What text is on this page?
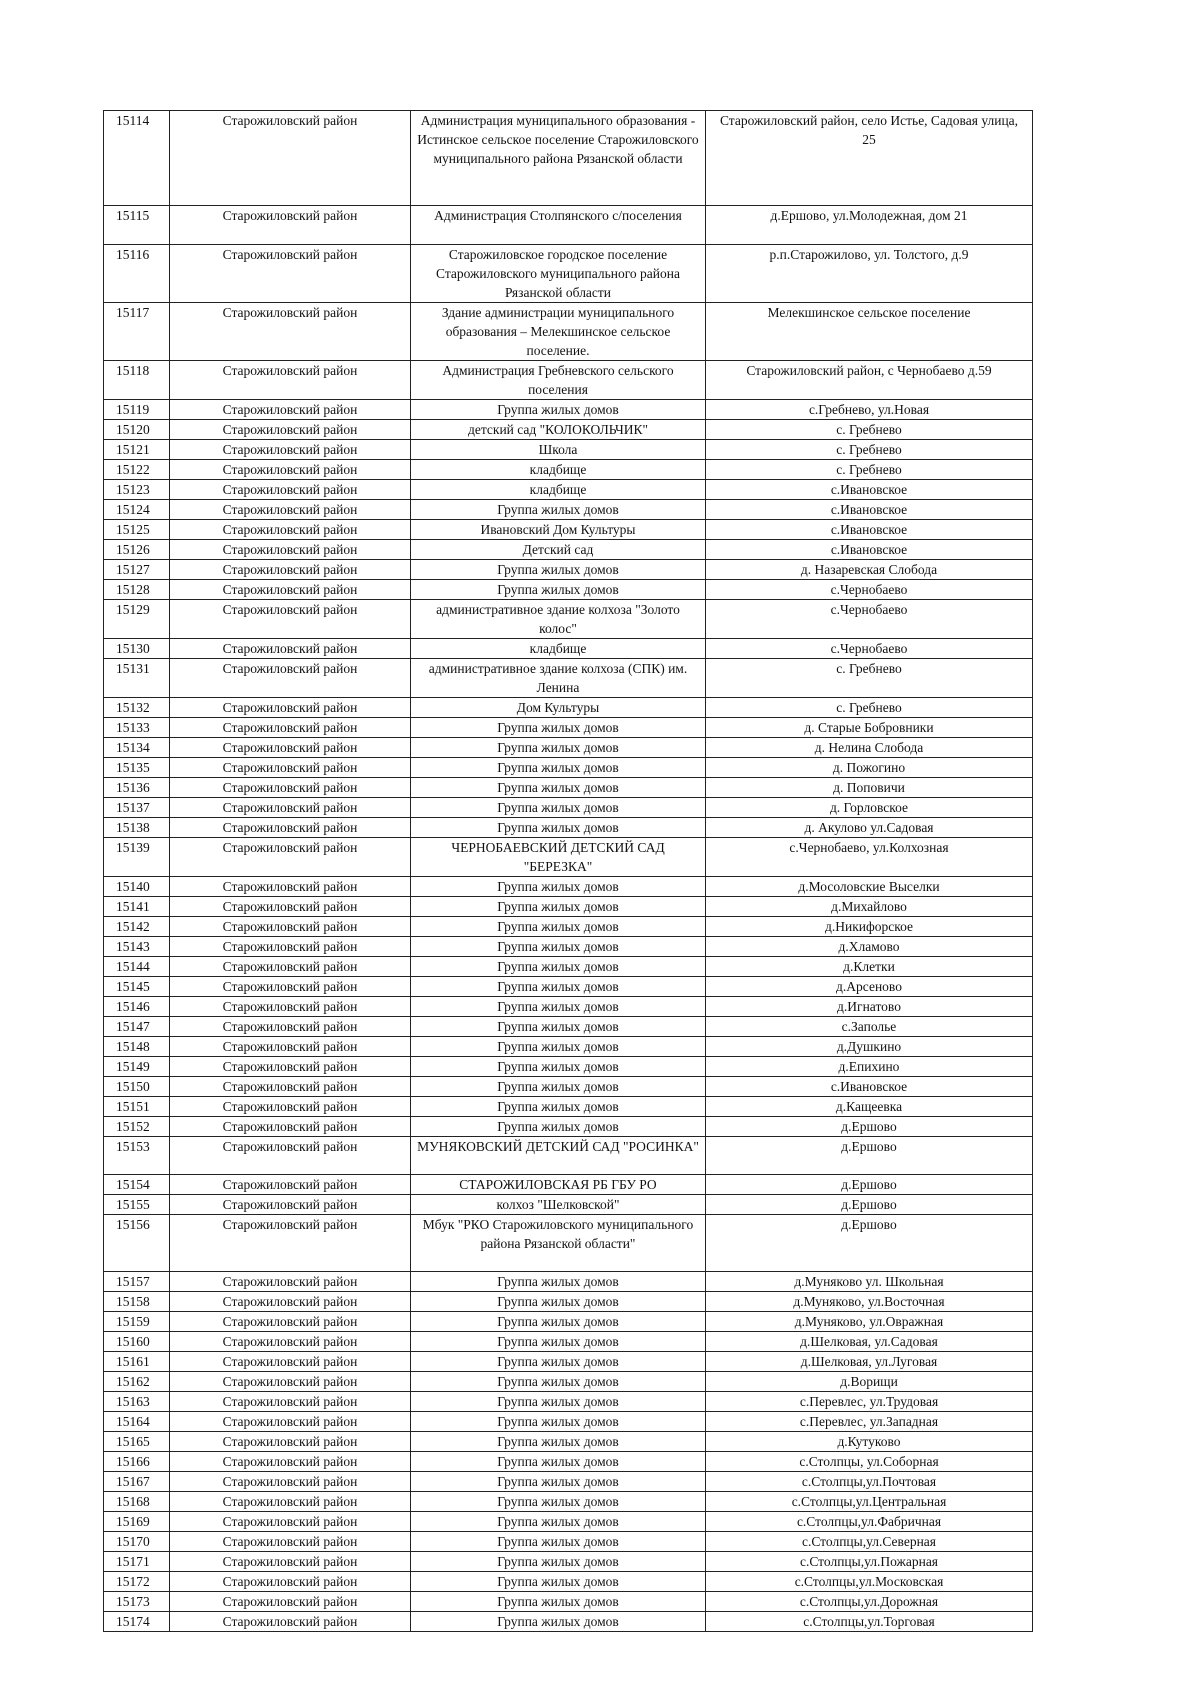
15114	Старожиловский район	Администрация муниципального образования - Истинское сельское поселение Старожиловского муниципального района Рязанской области	Старожиловский район, село Истье, Садовая улица, 25
15115	Старожиловский район	Администрация Столпянского с/поселения	д.Ершово, ул.Молодежная, дом 21
15116	Старожиловский район	Старожиловское городское поселение Старожиловского муниципального района Рязанской области	р.п.Старожилово, ул. Толстого, д.9
15117	Старожиловский район	Здание администрации муниципального образования – Мелекшинское сельское поселение.	Мелекшинское сельское поселение
15118	Старожиловский район	Администрация Гребневского сельского поселения	Старожиловский район, с Чернобаево д.59
15119	Старожиловский район	Группа жилых домов	с.Гребнево, ул.Новая
15120	Старожиловский район	детский сад "КОЛОКОЛЬЧИК"	с. Гребнево
15121	Старожиловский район	Школа	с. Гребнево
15122	Старожиловский район	кладбище	с. Гребнево
15123	Старожиловский район	кладбище	с.Ивановское
15124	Старожиловский район	Группа жилых домов	с.Ивановское
15125	Старожиловский район	Ивановский Дом Культуры	с.Ивановское
15126	Старожиловский район	Детский сад	с.Ивановское
15127	Старожиловский район	Группа жилых домов	д. Назаревская Слобода
15128	Старожиловский район	Группа жилых домов	с.Чернобаево
15129	Старожиловский район	административное здание колхоза "Золото колос"	с.Чернобаево
15130	Старожиловский район	кладбище	с.Чернобаево
15131	Старожиловский район	административное здание колхоза (СПК) им. Ленина	с. Гребнево
15132	Старожиловский район	Дом Культуры	с. Гребнево
15133	Старожиловский район	Группа жилых домов	д. Старые Бобровники
15134	Старожиловский район	Группа жилых домов	д. Нелина Слобода
15135	Старожиловский район	Группа жилых домов	д. Пожогино
15136	Старожиловский район	Группа жилых домов	д. Поповичи
15137	Старожиловский район	Группа жилых домов	д. Горловское
15138	Старожиловский район	Группа жилых домов	д. Акулово ул.Садовая
15139	Старожиловский район	ЧЕРНОБАЕВСКИЙ ДЕТСКИЙ САД "БЕРЕЗКА"	с.Чернобаево, ул.Колхозная
15140	Старожиловский район	Группа жилых домов	д.Мосоловские Выселки
15141	Старожиловский район	Группа жилых домов	д.Михайлово
15142	Старожиловский район	Группа жилых домов	д.Никифорское
15143	Старожиловский район	Группа жилых домов	д.Хламово
15144	Старожиловский район	Группа жилых домов	д.Клетки
15145	Старожиловский район	Группа жилых домов	д.Арсеново
15146	Старожиловский район	Группа жилых домов	д.Игнатово
15147	Старожиловский район	Группа жилых домов	с.Заполье
15148	Старожиловский район	Группа жилых домов	д.Душкино
15149	Старожиловский район	Группа жилых домов	д.Епихино
15150	Старожиловский район	Группа жилых домов	с.Ивановское
15151	Старожиловский район	Группа жилых домов	д.Кащеевка
15152	Старожиловский район	Группа жилых домов	д.Ершово
15153	Старожиловский район	МУНЯКОВСКИЙ ДЕТСКИЙ САД "РОСИНКА"	д.Ершово
15154	Старожиловский район	СТАРОЖИЛОВСКАЯ РБ ГБУ РО	д.Ершово
15155	Старожиловский район	колхоз "Шелковской"	д.Ершово
15156	Старожиловский район	Мбук "РКО Старожиловского муниципального района Рязанской области"	д.Ершово
15157	Старожиловский район	Группа жилых домов	д.Муняково ул. Школьная
15158	Старожиловский район	Группа жилых домов	д.Муняково, ул.Восточная
15159	Старожиловский район	Группа жилых домов	д.Муняково, ул.Овражная
15160	Старожиловский район	Группа жилых домов	д.Шелковая, ул.Садовая
15161	Старожиловский район	Группа жилых домов	д.Шелковая, ул.Луговая
15162	Старожиловский район	Группа жилых домов	д.Ворищи
15163	Старожиловский район	Группа жилых домов	с.Перевлес, ул.Трудовая
15164	Старожиловский район	Группа жилых домов	с.Перевлес, ул.Западная
15165	Старожиловский район	Группа жилых домов	д.Кутуково
15166	Старожиловский район	Группа жилых домов	с.Столпцы, ул.Соборная
15167	Старожиловский район	Группа жилых домов	с.Столпцы,ул.Почтовая
15168	Старожиловский район	Группа жилых домов	с.Столпцы,ул.Центральная
15169	Старожиловский район	Группа жилых домов	с.Столпцы,ул.Фабричная
15170	Старожиловский район	Группа жилых домов	с.Столпцы,ул.Северная
15171	Старожиловский район	Группа жилых домов	с.Столпцы,ул.Пожарная
15172	Старожиловский район	Группа жилых домов	с.Столпцы,ул.Московская
15173	Старожиловский район	Группа жилых домов	с.Столпцы,ул.Дорожная
15174	Старожиловский район	Группа жилых домов	с.Столпцы,ул.Торговая
